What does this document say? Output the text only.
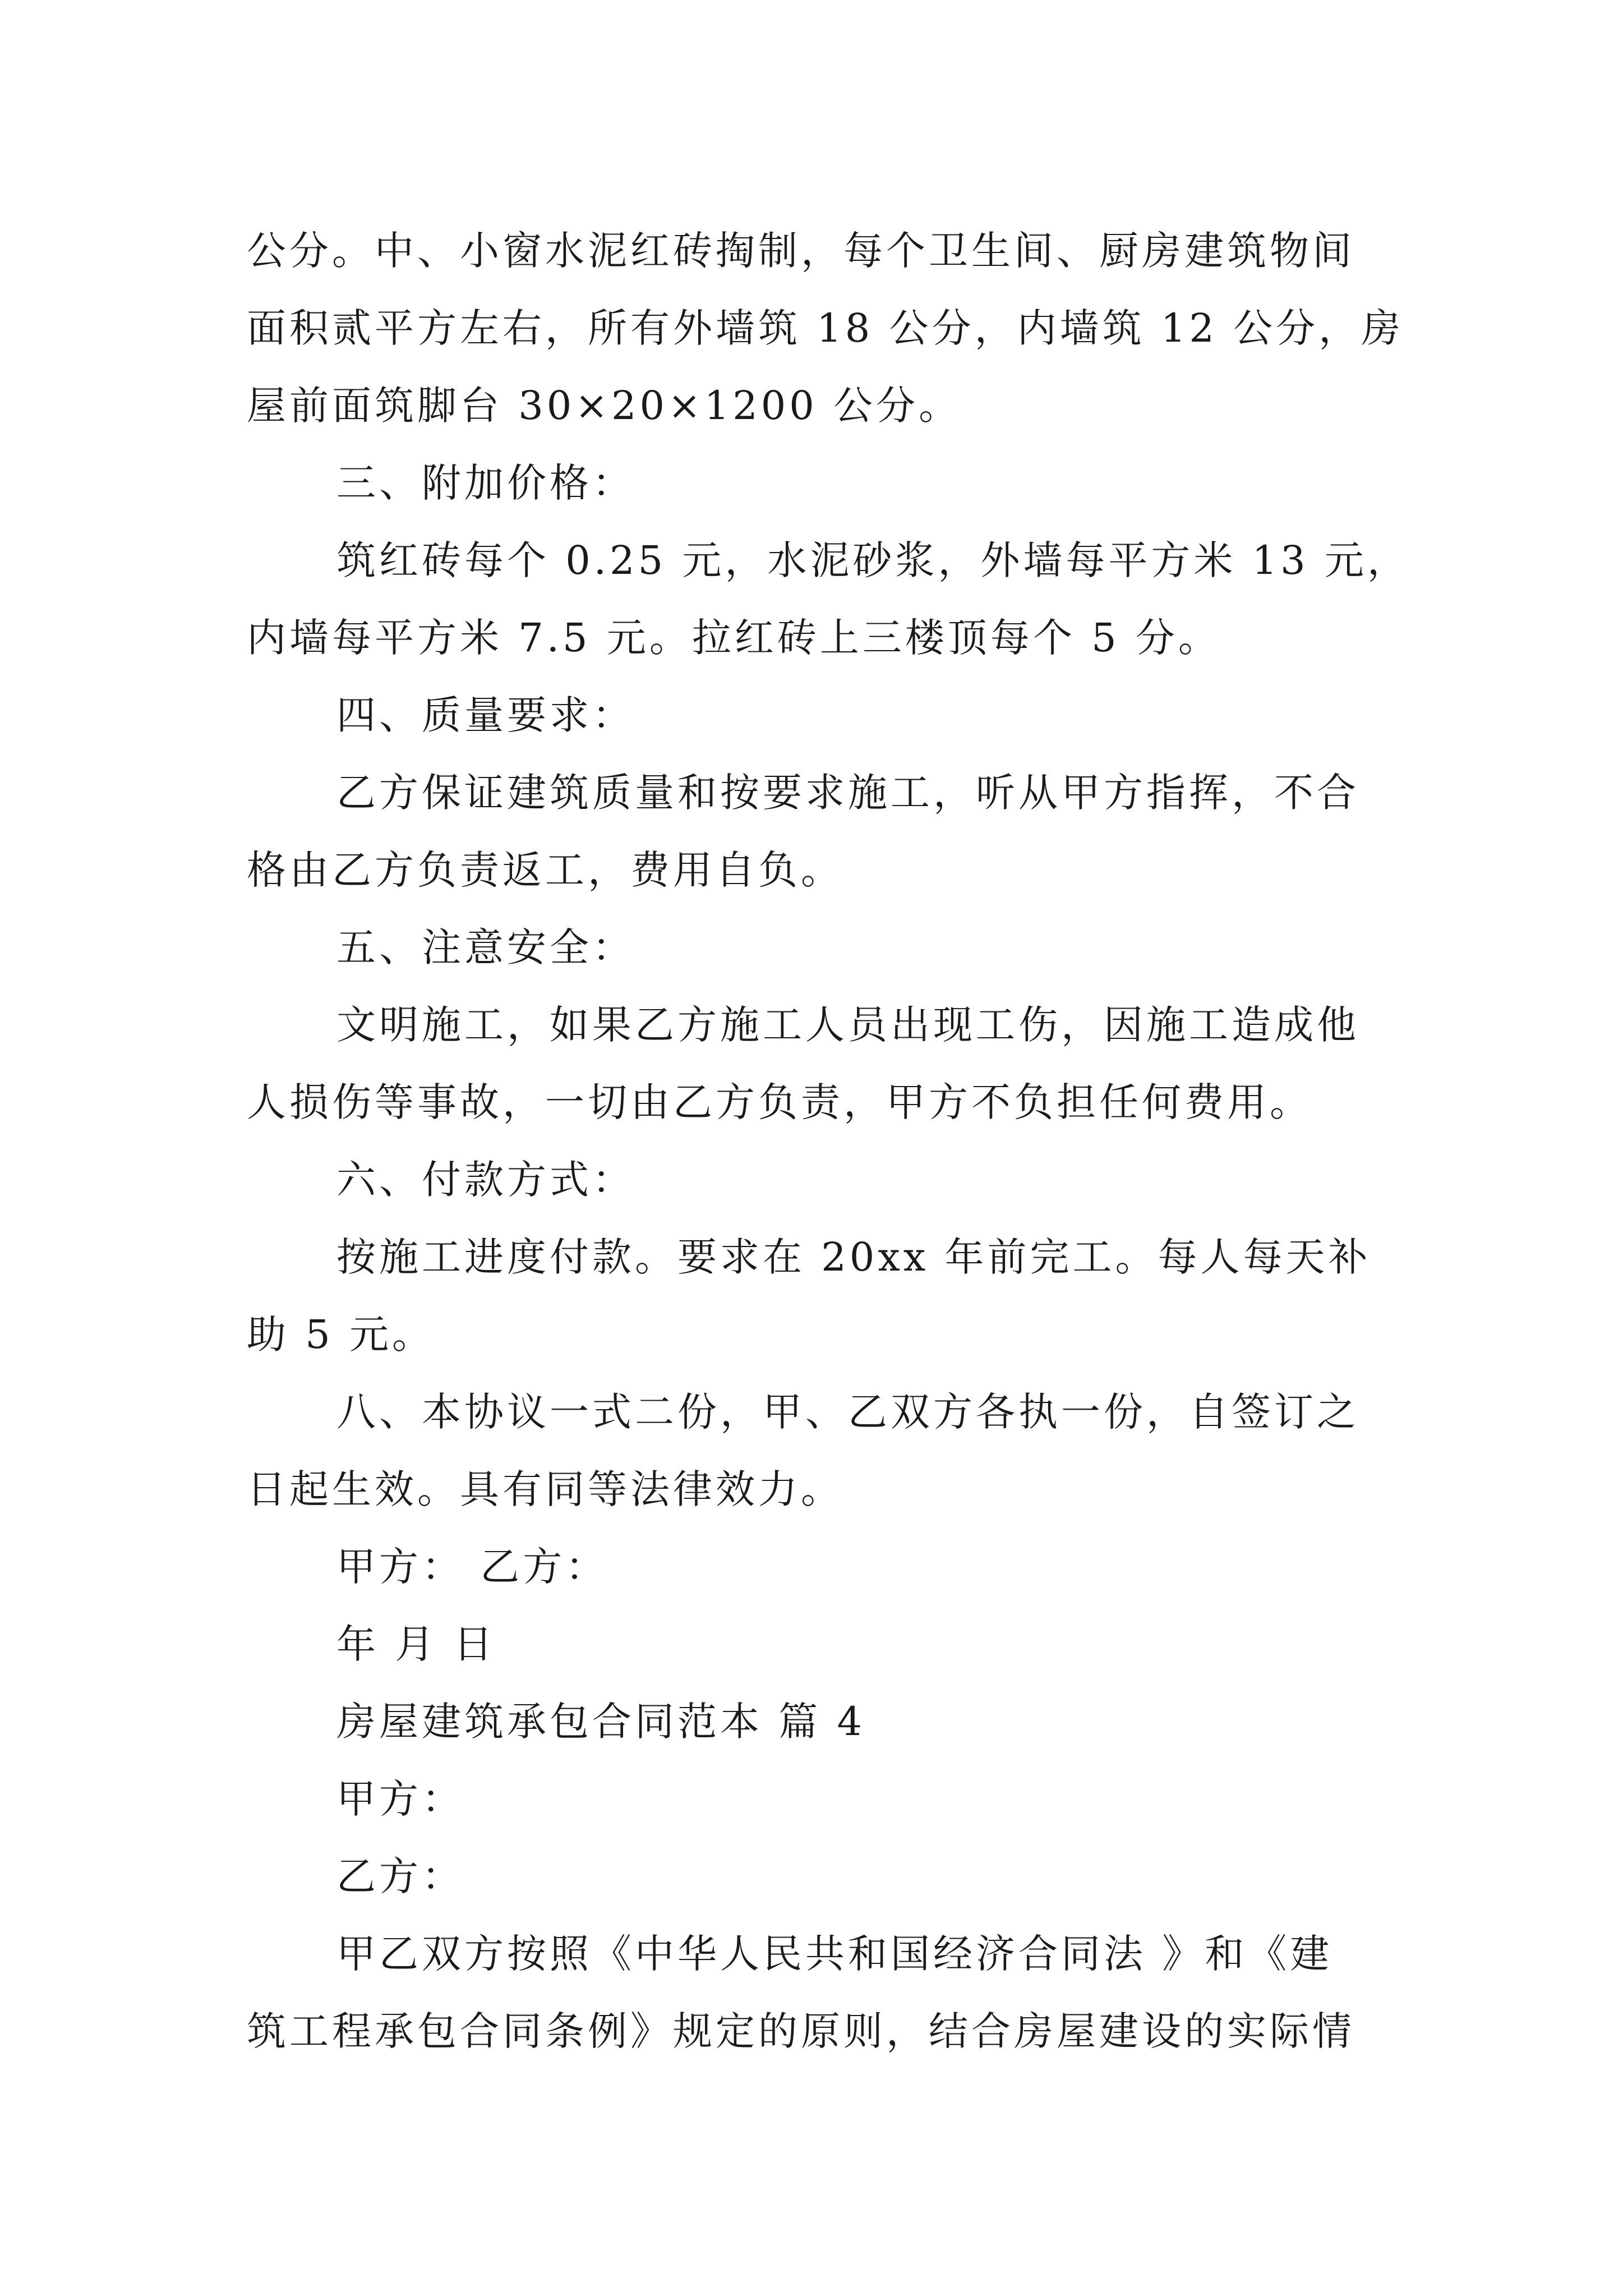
公分。中、小窗水泥红砖掏制，每个卫生间、厨房建筑物间
面积贰平方左右，所有外墙筑 18 公分，内墙筑 12 公分，房
屋前面筑脚台 30×20×1200 公分。
三、附加价格：
筑红砖每个 0.25 元，水泥砂浆，外墙每平方米 13 元，
内墙每平方米 7.5 元。拉红砖上三楼顶每个 5 分。
四、质量要求：
乙方保证建筑质量和按要求施工，听从甲方指挥，不合
格由乙方负责返工，费用自负。
五、注意安全：
文明施工，如果乙方施工人员出现工伤，因施工造成他
人损伤等事故，一切由乙方负责，甲方不负担任何费用。
六、付款方式：
按施工进度付款。要求在 20xx 年前完工。每人每天补
助 5 元。
八、本协议一式二份，甲、乙双方各执一份，自签订之
日起生效。具有同等法律效力。
甲方： 乙方：
年 月 日
房屋建筑承包合同范本 篇 4
甲方：
乙方：
甲乙双方按照《中华人民共和国经济合同法 》和《建
筑工程承包合同条例》规定的原则，结合房屋建设的实际情
